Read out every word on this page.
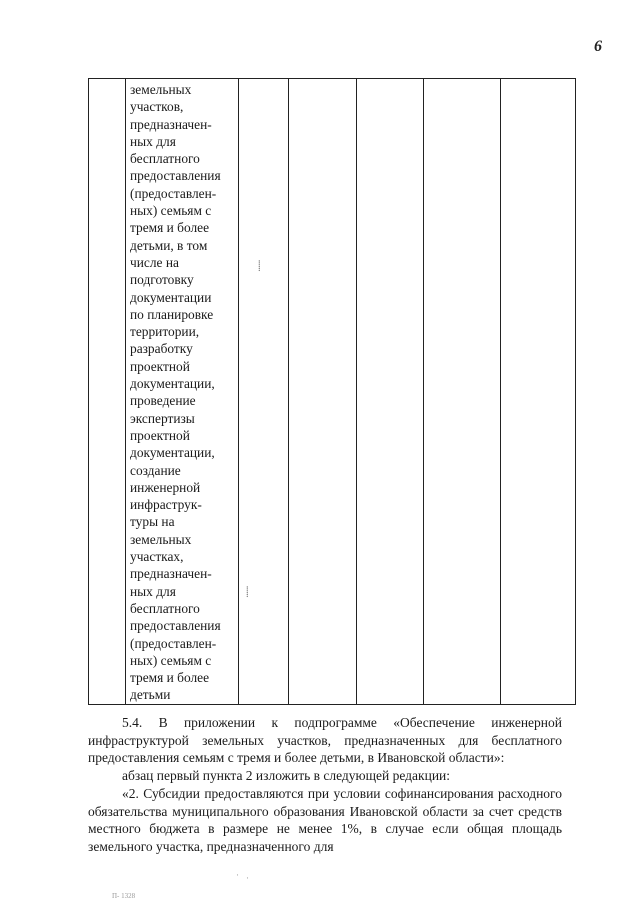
6

земельных
участков,
предназначен-
ных для
бесплатного
предоставления
(предоставлен-
ных) семьям с
тремя и более
детьми, в том
числе на
подготовку
документации
по планировке
территории,
разработку
проектной
документации,
проведение
экспертизы
проектной
документации,
создание
инженерной
инфраструк-
туры на
земельных
участках,
предназначен-
ных для
бесплатного
предоставления
(предоставлен-
ных) семьям с
тремя и более
детьми

⸽
⸽
5.4. В приложении к подпрограмме «Обеспечение инженерной инфраструктурой земельных участков, предназначенных для бесплатного предоставления семьям с тремя и более детьми, в Ивановской области»:
абзац первый пункта 2 изложить в следующей редакции:
«2. Субсидии предоставляются при условии софинансирования расходного обязательства муниципального образования Ивановской области за счет средств местного бюджета в размере не менее 1%, в случае если общая площадь земельного участка, предназначенного для
· ·
П- 1328
